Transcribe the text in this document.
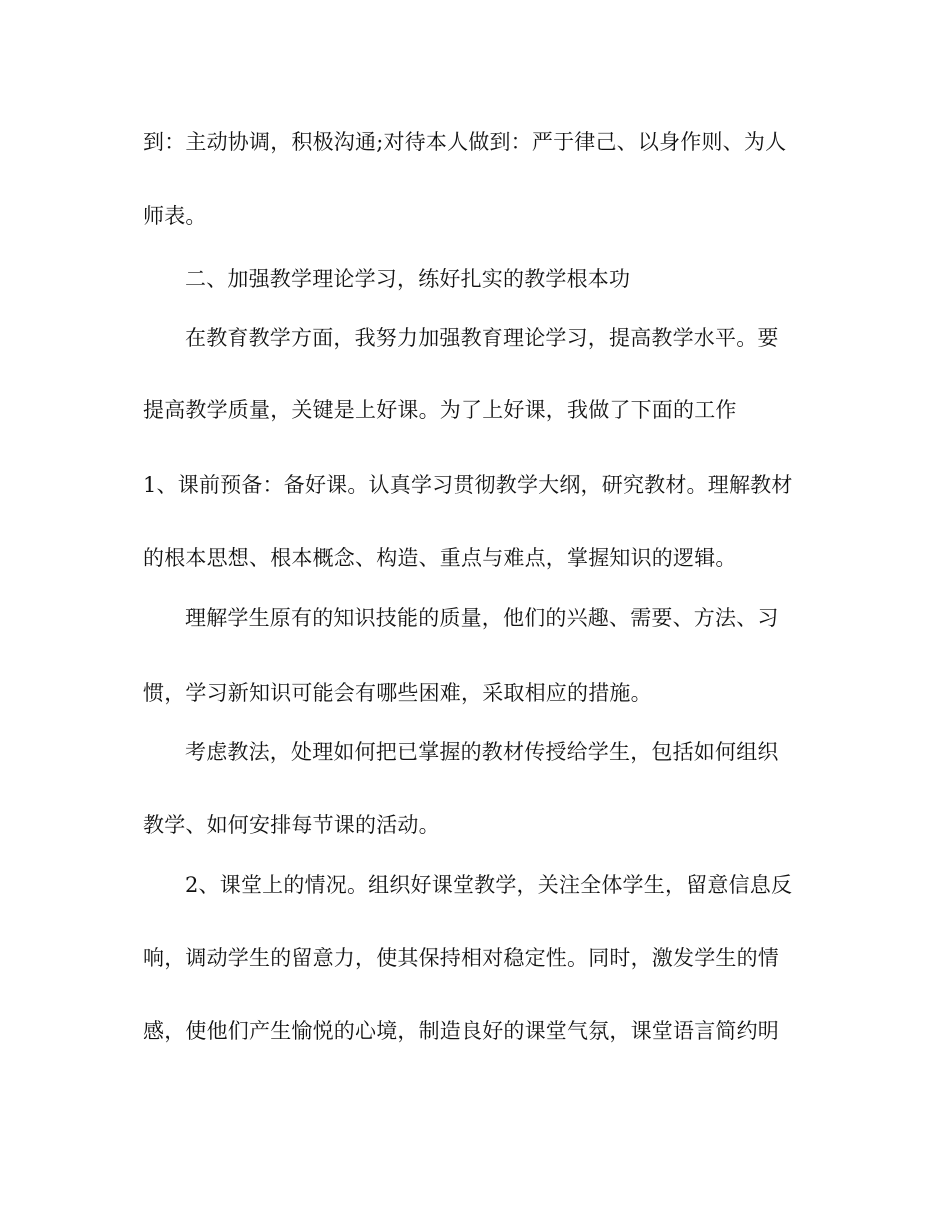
到：主动协调，积极沟通;对待本人做到：严于律己、以身作则、为人
师表。
二、加强教学理论学习，练好扎实的教学根本功
在教育教学方面，我努力加强教育理论学习，提高教学水平。要
提高教学质量，关键是上好课。为了上好课，我做了下面的工作
1、课前预备：备好课。认真学习贯彻教学大纲，研究教材。理解教材
的根本思想、根本概念、构造、重点与难点，掌握知识的逻辑。
理解学生原有的知识技能的质量，他们的兴趣、需要、方法、习
惯，学习新知识可能会有哪些困难，采取相应的措施。
考虑教法，处理如何把已掌握的教材传授给学生，包括如何组织
教学、如何安排每节课的活动。
2、课堂上的情况。组织好课堂教学，关注全体学生，留意信息反
响，调动学生的留意力，使其保持相对稳定性。同时，激发学生的情
感，使他们产生愉悦的心境，制造良好的课堂气氛，课堂语言简约明
